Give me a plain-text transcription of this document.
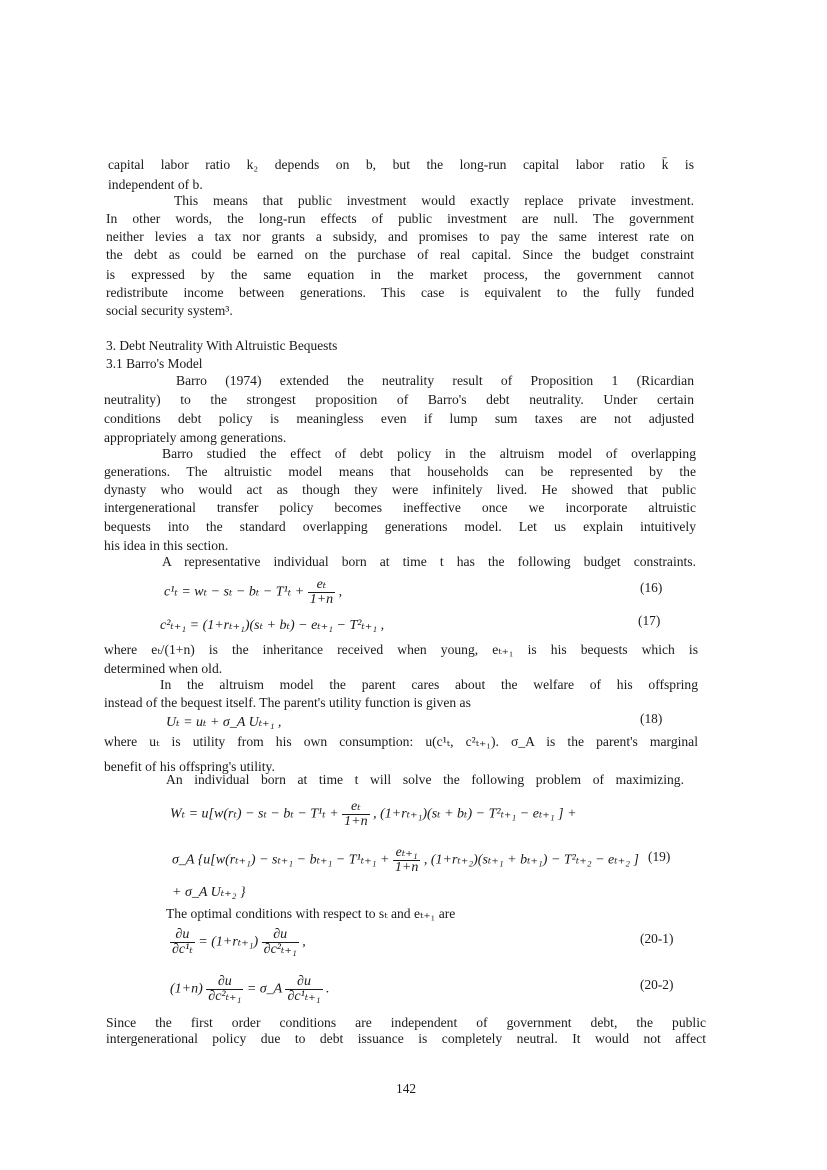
capital labor ratio k₂ depends on b, but the long-run capital labor ratio k̄ is
independent of b.
This means that public investment would exactly replace private investment.
In other words, the long-run effects of public investment are null. The government
neither levies a tax nor grants a subsidy, and promises to pay the same interest rate on
the debt as could be earned on the purchase of real capital. Since the budget constraint
is expressed by the same equation in the market process, the government cannot
redistribute income between generations. This case is equivalent to the fully funded
social security system³.
3. Debt Neutrality With Altruistic Bequests
3.1 Barro's Model
Barro (1974) extended the neutrality result of Proposition 1 (Ricardian
neutrality) to the strongest proposition of Barro's debt neutrality. Under certain
conditions debt policy is meaningless even if lump sum taxes are not adjusted
appropriately among generations.
Barro studied the effect of debt policy in the altruism model of overlapping
generations. The altruistic model means that households can be represented by the
dynasty who would act as though they were infinitely lived. He showed that public
intergenerational transfer policy becomes ineffective once we incorporate altruistic
bequests into the standard overlapping generations model. Let us explain intuitively
his idea in this section.
A representative individual born at time t has the following budget constraints.
$c^1_t = w_t - s_t - b_t - T^1_t + \frac{\text{eₜ}}{1+n}$ ,	(16)
c²ₜ₊₁ = (1+rₜ₊₁)(sₜ + bₜ) − eₜ₊₁ − T²ₜ₊₁ ,	(17)
where eₜ/(1+n) is the inheritance received when young, eₜ₊₁ is his bequests which is
determined when old.
In the altruism model the parent cares about the welfare of his offspring
instead of the bequest itself. The parent's utility function is given as
Uₜ = uₜ + σ_A Uₜ₊₁ ,	(18)
where uₜ is utility from his own consumption: u(c¹ₜ, c²ₜ₊₁). σ_A is the parent's marginal
benefit of his offspring's utility.
An individual born at time t will solve the following problem of maximizing.
$W_t = u[w(r_t) - s_t - b_t - T^1_t + \frac{\text{eₜ}}{1+n}$ , (1+rₜ₊₁)(sₜ + bₜ) − T²ₜ₊₁ − eₜ₊₁ ] +
σ_A {$u[w(r_{t+1}) - s_{t+1} - b_{t+1} - T^1_{t+1} + \frac{\text{eₜ₊₁}}{1+n}$ , (1+rₜ₊₂)(sₜ₊₁ + bₜ₊₁) − T²ₜ₊₂ − eₜ₊₂ ] (19)
+ σ_A Uₜ₊₂ }
The optimal conditions with respect to sₜ and eₜ₊₁ are
$\frac{\partial u}{\text{∂c¹ₜ}} = (1+r_{t+1}) \frac{\partial u}{\text{∂c²ₜ₊₁}}$ ,	(20-1)
$(1+n) \frac{\partial u}{\text{∂c²ₜ₊₁}}$ = σ_A $\frac{\partial u}{\text{∂c¹ₜ₊₁}}$ .	(20-2)
Since the first order conditions are independent of government debt, the public
intergenerational policy due to debt issuance is completely neutral. It would not affect
142
